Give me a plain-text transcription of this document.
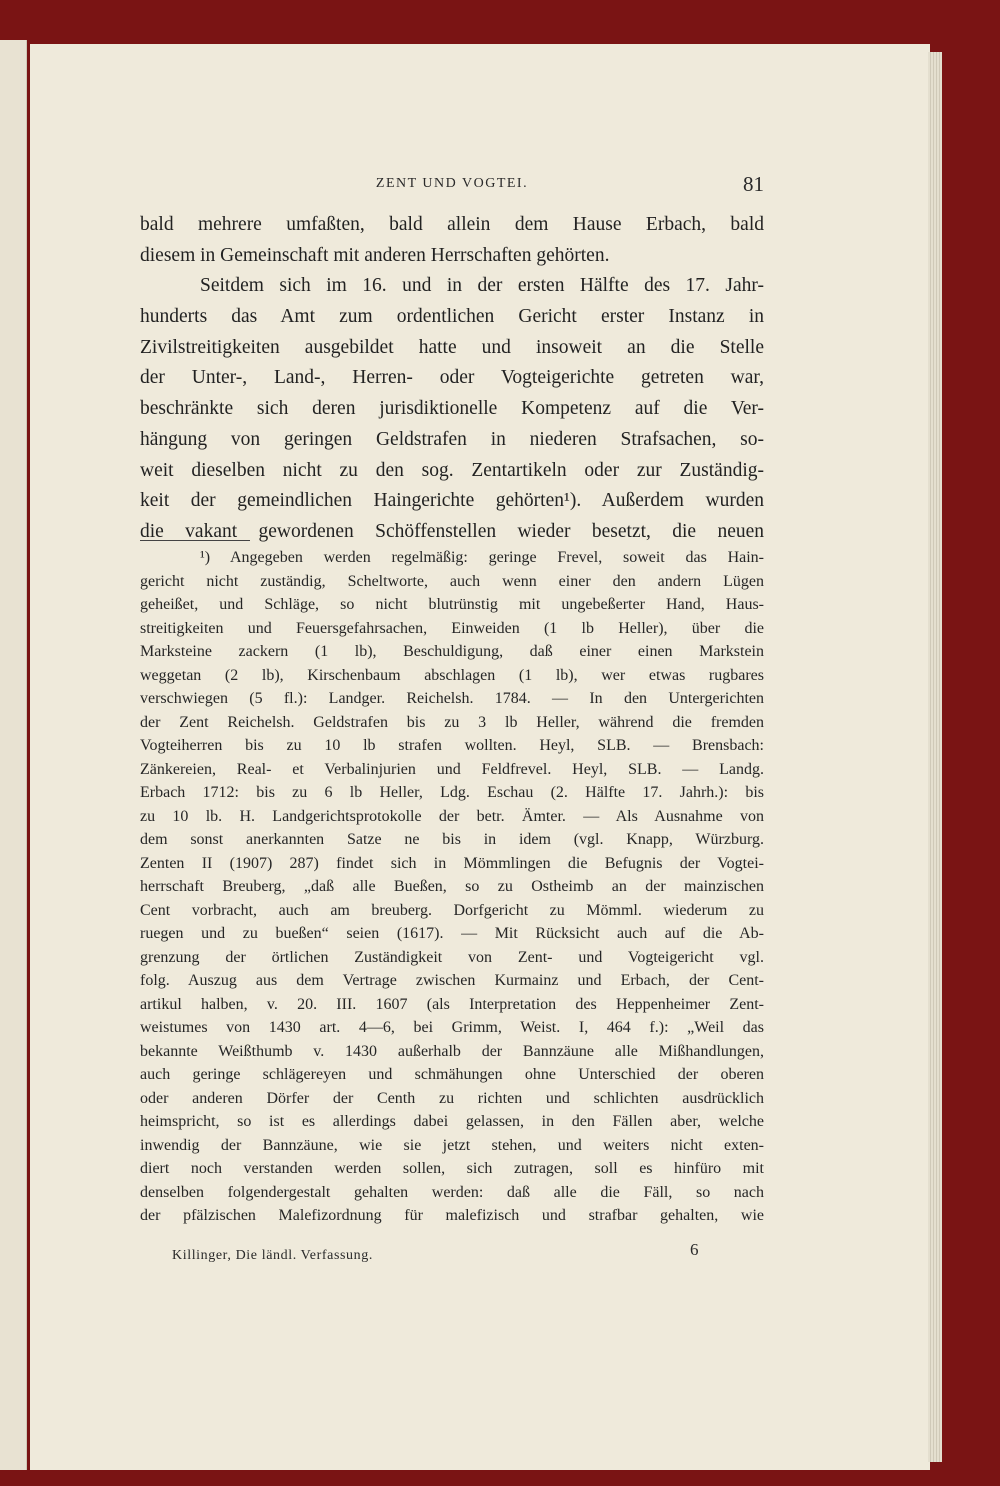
ZENT UND VOGTEI.	81
bald mehrere umfaßten, bald allein dem Hause Erbach, bald
diesem in Gemeinschaft mit anderen Herrschaften gehörten.
Seitdem sich im 16. und in der ersten Hälfte des 17. Jahr-
hunderts das Amt zum ordentlichen Gericht erster Instanz in
Zivilstreitigkeiten ausgebildet hatte und insoweit an die Stelle
der Unter-, Land-, Herren- oder Vogteigerichte getreten war,
beschränkte sich deren jurisdiktionelle Kompetenz auf die Ver-
hängung von geringen Geldstrafen in niederen Strafsachen, so-
weit dieselben nicht zu den sog. Zentartikeln oder zur Zuständig-
keit der gemeindlichen Haingerichte gehörten¹). Außerdem wurden
die vakant gewordenen Schöffenstellen wieder besetzt, die neuen
¹) Angegeben werden regelmäßig: geringe Frevel, soweit das Hain-
gericht nicht zuständig, Scheltworte, auch wenn einer den andern Lügen
geheißet, und Schläge, so nicht blutrünstig mit ungebeßerter Hand, Haus-
streitigkeiten und Feuersgefahrsachen, Einweiden (1 lb Heller), über die
Marksteine zackern (1 lb), Beschuldigung, daß einer einen Markstein
weggetan (2 lb), Kirschenbaum abschlagen (1 lb), wer etwas rugbares
verschwiegen (5 fl.): Landger. Reichelsh. 1784. — In den Untergerichten
der Zent Reichelsh. Geldstrafen bis zu 3 lb Heller, während die fremden
Vogteiherren bis zu 10 lb strafen wollten. Heyl, SLB. — Brensbach:
Zänkereien, Real- et Verbalinjurien und Feldfrevel. Heyl, SLB. — Landg.
Erbach 1712: bis zu 6 lb Heller, Ldg. Eschau (2. Hälfte 17. Jahrh.): bis
zu 10 lb. H. Landgerichtsprotokolle der betr. Ämter. — Als Ausnahme von
dem sonst anerkannten Satze ne bis in idem (vgl. Knapp, Würzburg.
Zenten II (1907) 287) findet sich in Mömmlingen die Befugnis der Vogtei-
herrschaft Breuberg, „daß alle Bueßen, so zu Ostheimb an der mainzischen
Cent vorbracht, auch am breuberg. Dorfgericht zu Mömml. wiederum zu
ruegen und zu bueßen“ seien (1617). — Mit Rücksicht auch auf die Ab-
grenzung der örtlichen Zuständigkeit von Zent- und Vogteigericht vgl.
folg. Auszug aus dem Vertrage zwischen Kurmainz und Erbach, der Cent-
artikul halben, v. 20. III. 1607 (als Interpretation des Heppenheimer Zent-
weistumes von 1430 art. 4—6, bei Grimm, Weist. I, 464 f.): „Weil das
bekannte Weißthumb v. 1430 außerhalb der Bannzäune alle Mißhandlungen,
auch geringe schlägereyen und schmähungen ohne Unterschied der oberen
oder anderen Dörfer der Centh zu richten und schlichten ausdrücklich
heimspricht, so ist es allerdings dabei gelassen, in den Fällen aber, welche
inwendig der Bannzäune, wie sie jetzt stehen, und weiters nicht exten-
diert noch verstanden werden sollen, sich zutragen, soll es hinfüro mit
denselben folgendergestalt gehalten werden: daß alle die Fäll, so nach
der pfälzischen Malefizordnung für malefizisch und strafbar gehalten, wie
Killinger, Die ländl. Verfassung.	6
